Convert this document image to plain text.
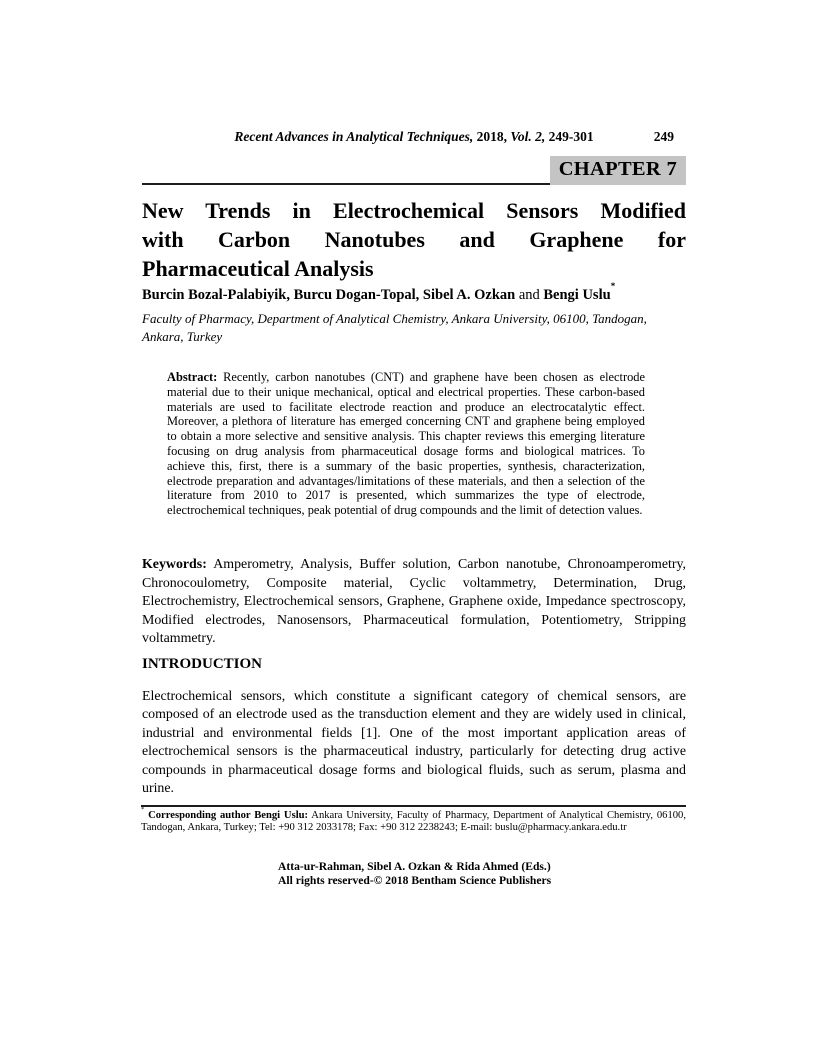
Recent Advances in Analytical Techniques, 2018, Vol. 2, 249-301	249
CHAPTER 7
New Trends in Electrochemical Sensors Modified
with Carbon Nanotubes and Graphene for
Pharmaceutical Analysis
Burcin Bozal-Palabiyik, Burcu Dogan-Topal, Sibel A. Ozkan and Bengi Uslu*
Faculty of Pharmacy, Department of Analytical Chemistry, Ankara University, 06100, Tandogan, Ankara, Turkey
Abstract: Recently, carbon nanotubes (CNT) and graphene have been chosen as electrode material due to their unique mechanical, optical and electrical properties. These carbon-based materials are used to facilitate electrode reaction and produce an electrocatalytic effect. Moreover, a plethora of literature has emerged concerning CNT and graphene being employed to obtain a more selective and sensitive analysis. This chapter reviews this emerging literature focusing on drug analysis from pharmaceutical dosage forms and biological matrices. To achieve this, first, there is a summary of the basic properties, synthesis, characterization, electrode preparation and advantages/limitations of these materials, and then a selection of the literature from 2010 to 2017 is presented, which summarizes the type of electrode, electrochemical techniques, peak potential of drug compounds and the limit of detection values.
Keywords: Amperometry, Analysis, Buffer solution, Carbon nanotube, Chronoamperometry, Chronocoulometry, Composite material, Cyclic voltammetry, Determination, Drug, Electrochemistry, Electrochemical sensors, Graphene, Graphene oxide, Impedance spectroscopy, Modified electrodes, Nanosensors, Pharmaceutical formulation, Potentiometry, Stripping voltammetry.
INTRODUCTION
Electrochemical sensors, which constitute a significant category of chemical sensors, are composed of an electrode used as the transduction element and they are widely used in clinical, industrial and environmental fields [1]. One of the most important application areas of electrochemical sensors is the pharmaceutical industry, particularly for detecting drug active compounds in pharmaceutical dosage forms and biological fluids, such as serum, plasma and urine.
* Corresponding author Bengi Uslu: Ankara University, Faculty of Pharmacy, Department of Analytical Chemistry, 06100, Tandogan, Ankara, Turkey; Tel: +90 312 2033178; Fax: +90 312 2238243; E-mail: buslu@pharmacy.ankara.edu.tr
Atta-ur-Rahman, Sibel A. Ozkan & Rida Ahmed (Eds.)
All rights reserved-© 2018 Bentham Science Publishers
